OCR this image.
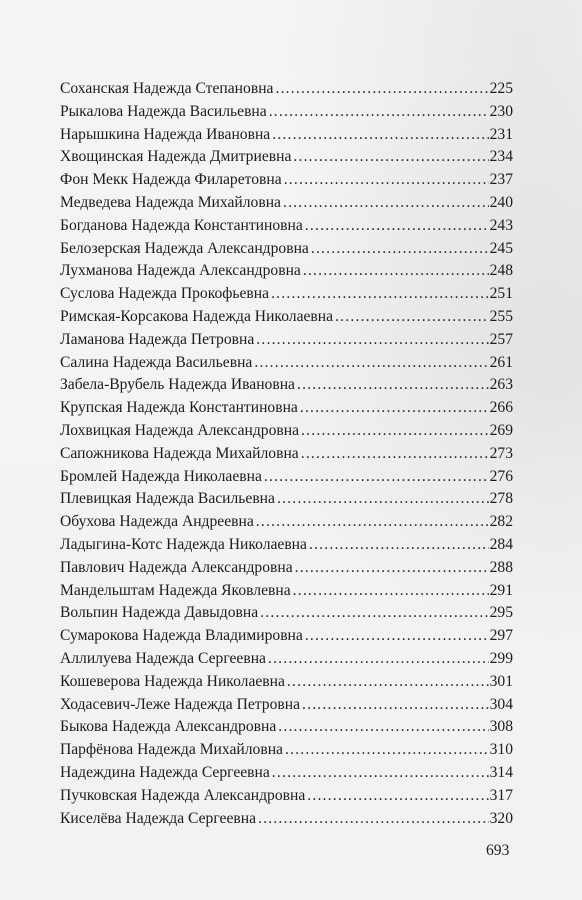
Соханская Надежда Степановна .....	225
Рыкалова Надежда Васильевна .....	230
Нарышкина Надежда Ивановна .....	231
Хвощинская Надежда Дмитриевна .....	234
Фон Мекк Надежда Филаретовна .....	237
Медведева Надежда Михайловна .....	240
Богданова Надежда Константиновна .....	243
Белозерская Надежда Александровна .....	245
Лухманова Надежда Александровна .....	248
Суслова Надежда Прокофьевна .....	251
Римская-Корсакова Надежда Николаевна .....	255
Ламанова Надежда Петровна .....	257
Салина Надежда Васильевна .....	261
Забела-Врубель Надежда Ивановна .....	263
Крупская Надежда Константиновна .....	266
Лохвицкая Надежда Александровна .....	269
Сапожникова Надежда Михайловна .....	273
Бромлей Надежда Николаевна .....	276
Плевицкая Надежда Васильевна .....	278
Обухова Надежда Андреевна .....	282
Ладыгина-Котс Надежда Николаевна .....	284
Павлович Надежда Александровна .....	288
Мандельштам Надежда Яковлевна .....	291
Вольпин Надежда Давыдовна .....	295
Сумарокова Надежда Владимировна .....	297
Аллилуева Надежда Сергеевна .....	299
Кошеверова Надежда Николаевна .....	301
Ходасевич-Леже Надежда Петровна .....	304
Быкова Надежда Александровна .....	308
Парфёнова Надежда Михайловна .....	310
Надеждина Надежда Сергеевна .....	314
Пучковская Надежда Александровна .....	317
Киселёва Надежда Сергеевна .....	320
693
